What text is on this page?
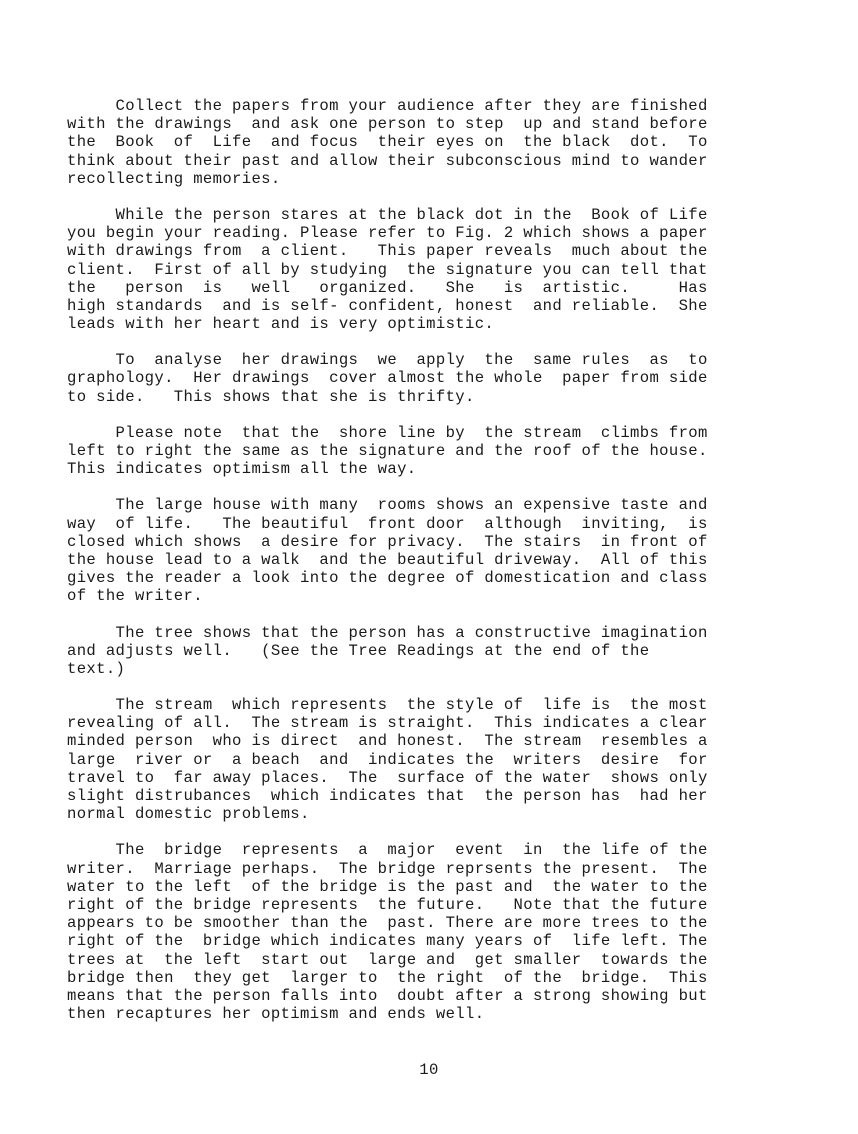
Collect the papers from your audience after they are finished
with the drawings  and ask one person to step  up and stand before
the  Book  of  Life  and focus  their eyes on  the black  dot.  To
think about their past and allow their subconscious mind to wander
recollecting memories.
While the person stares at the black dot in the  Book of Life
you begin your reading. Please refer to Fig. 2 which shows a paper
with drawings from  a client.   This paper reveals  much about the
client.  First of all by studying  the signature you can tell that
the   person  is   well   organized.   She   is  artistic.     Has
high standards  and is self- confident, honest  and reliable.  She
leads with her heart and is very optimistic.
To  analyse  her drawings  we  apply  the  same rules  as  to
graphology.  Her drawings  cover almost the whole  paper from side
to side.   This shows that she is thrifty.
Please note  that the  shore line by  the stream  climbs from
left to right the same as the signature and the roof of the house.
This indicates optimism all the way.
The large house with many  rooms shows an expensive taste and
way  of life.   The beautiful  front door  although  inviting,  is
closed which shows  a desire for privacy.  The stairs  in front of
the house lead to a walk  and the beautiful driveway.  All of this
gives the reader a look into the degree of domestication and class
of the writer.
The tree shows that the person has a constructive imagination
and adjusts well.   (See the Tree Readings at the end of the
text.)
The stream  which represents  the style of  life is  the most
revealing of all.  The stream is straight.  This indicates a clear
minded person  who is direct  and honest.  The stream  resembles a
large  river or  a beach  and  indicates the  writers  desire  for
travel to  far away places.  The  surface of the water  shows only
slight distrubances  which indicates that  the person has  had her
normal domestic problems.
The  bridge  represents  a  major  event  in  the life of the
writer.  Marriage perhaps.  The bridge reprsents the present.  The
water to the left  of the bridge is the past and  the water to the
right of the bridge represents  the future.   Note that the future
appears to be smoother than the  past. There are more trees to the
right of the  bridge which indicates many years of  life left. The
trees at  the left  start out  large and  get smaller  towards the
bridge then  they get  larger to  the right  of the  bridge.  This
means that the person falls into  doubt after a strong showing but
then recaptures her optimism and ends well.
10
